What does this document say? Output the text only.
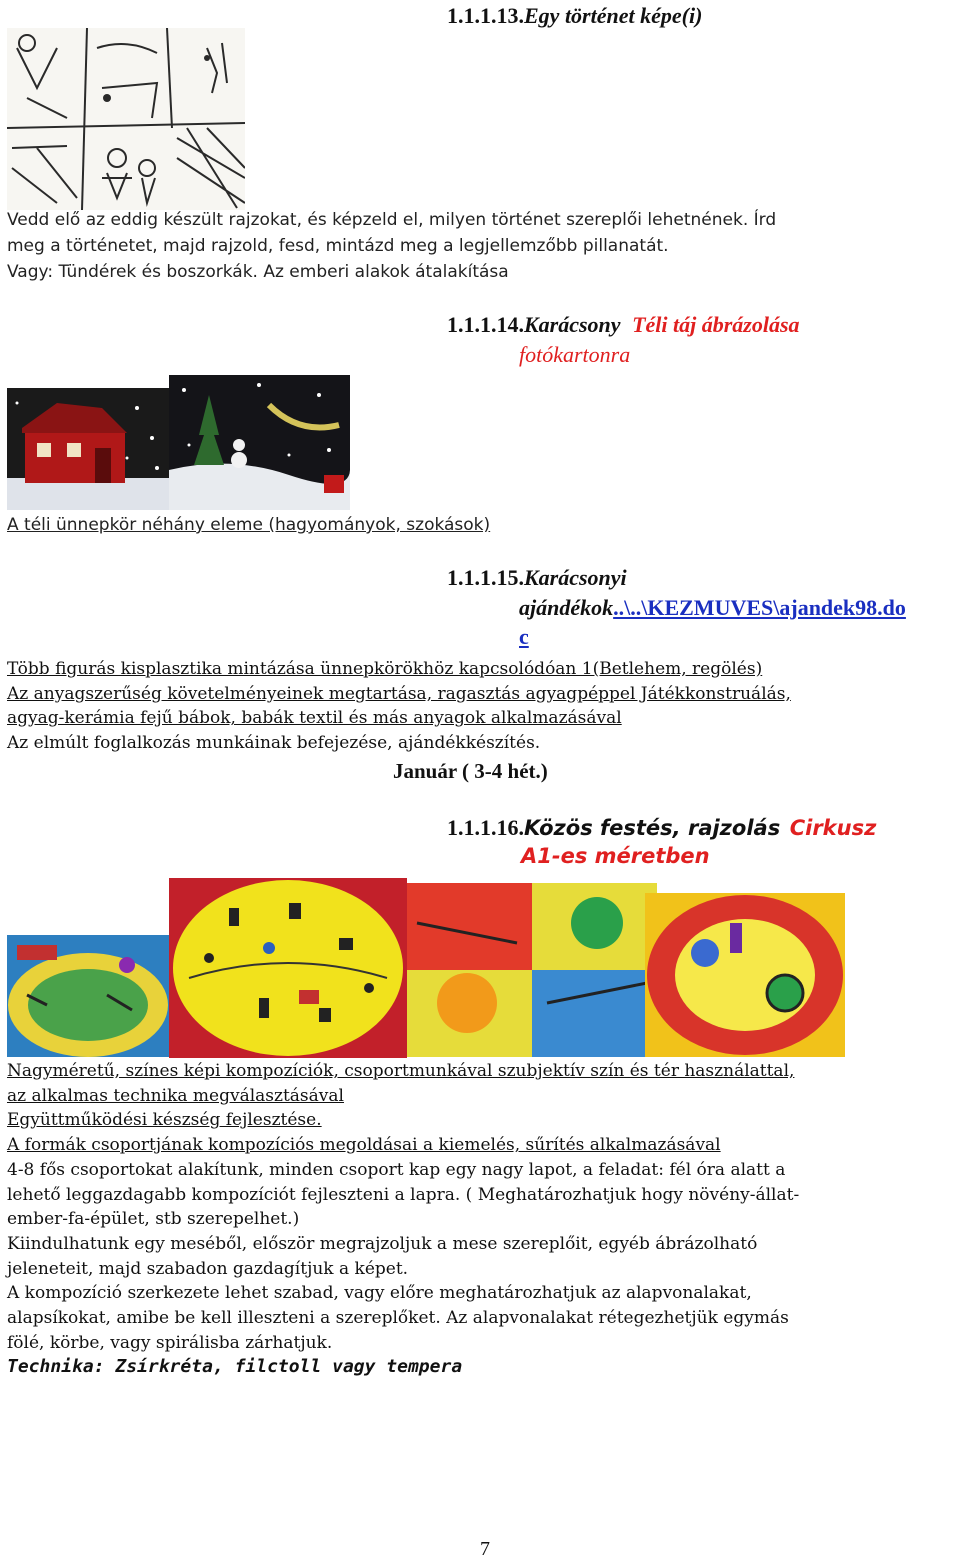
1.1.1.13.Egy történet képe(i)
Vedd elő az eddig készült rajzokat, és képzeld el, milyen történet szereplői lehetnének. Írd
meg a történetet, majd rajzold, fesd, mintázd meg a legjellemzőbb pillanatát.
Vagy: Tündérek és boszorkák. Az emberi alakok átalakítása
1.1.1.14.Karácsony Téli táj ábrázolása
fotókartonra
A téli ünnepkör néhány eleme (hagyományok, szokások)
1.1.1.15.Karácsonyi
ajándékok..\..\KEZMUVES\ajandek98.do
c
Több figurás kisplasztika mintázása ünnepkörökhöz kapcsolódóan 1(Betlehem, regölés)
Az anyagszerűség követelményeinek megtartása, ragasztás agyagpéppel Játékkonstruálás,
agyag-kerámia fejű bábok, babák textil és más anyagok alkalmazásával
Az elmúlt foglalkozás munkáinak befejezése, ajándékkészítés.
Január ( 3-4 hét.)
1.1.1.16.Közös festés, rajzolás Cirkusz
A1-es méretben
Nagyméretű, színes képi kompozíciók, csoportmunkával szubjektív szín és tér használattal,
az alkalmas technika megválasztásával
Együttműködési készség fejlesztése.
A formák csoportjának kompozíciós megoldásai a kiemelés, sűrítés alkalmazásával
4-8 fős csoportokat alakítunk, minden csoport kap egy nagy lapot, a feladat: fél óra alatt a
lehető leggazdagabb kompozíciót fejleszteni a lapra. ( Meghatározhatjuk hogy növény-állat-
ember-fa-épület, stb szerepelhet.)
Kiindulhatunk egy meséből, először megrajzoljuk a mese szereplőit, egyéb ábrázolható
jeleneteit, majd szabadon gazdagítjuk a képet.
A kompozíció szerkezete lehet szabad, vagy előre meghatározhatjuk az alapvonalakat,
alapsíkokat, amibe be kell illeszteni a szereplőket. Az alapvonalakat rétegezhetjük egymás
fölé, körbe, vagy spirálisba zárhatjuk.
Technika: Zsírkréta, filctoll vagy tempera
7
